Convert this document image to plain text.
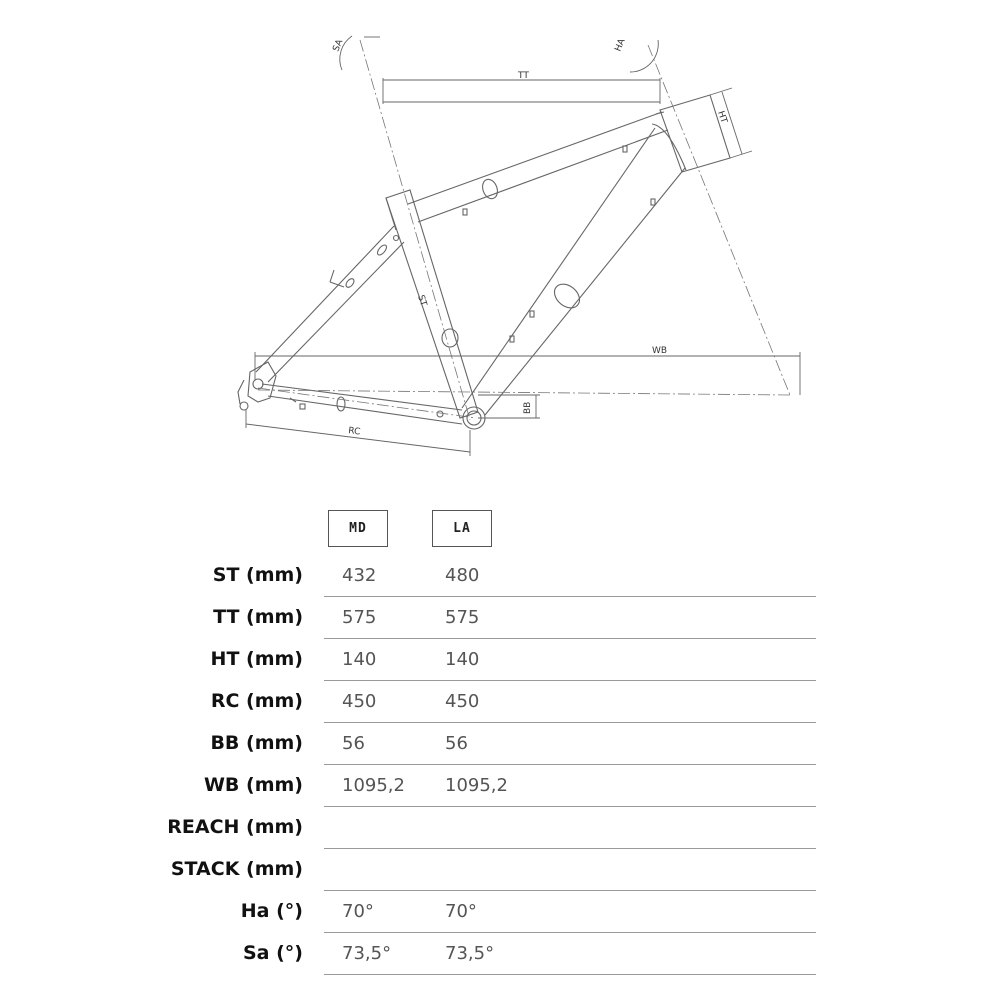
SA	HA
TT
HT
ST
WB
BB
RC
MD	LA
ST (mm) 432	480
TT (mm) 575	575
HT (mm) 140	140
RC (mm) 450	450
BB (mm) 56	56
WB (mm) 1095,2 1095,2
REACH (mm)
STACK (mm)
Ha (°) 70°	70°
Sa (°) 73,5°	73,5°
